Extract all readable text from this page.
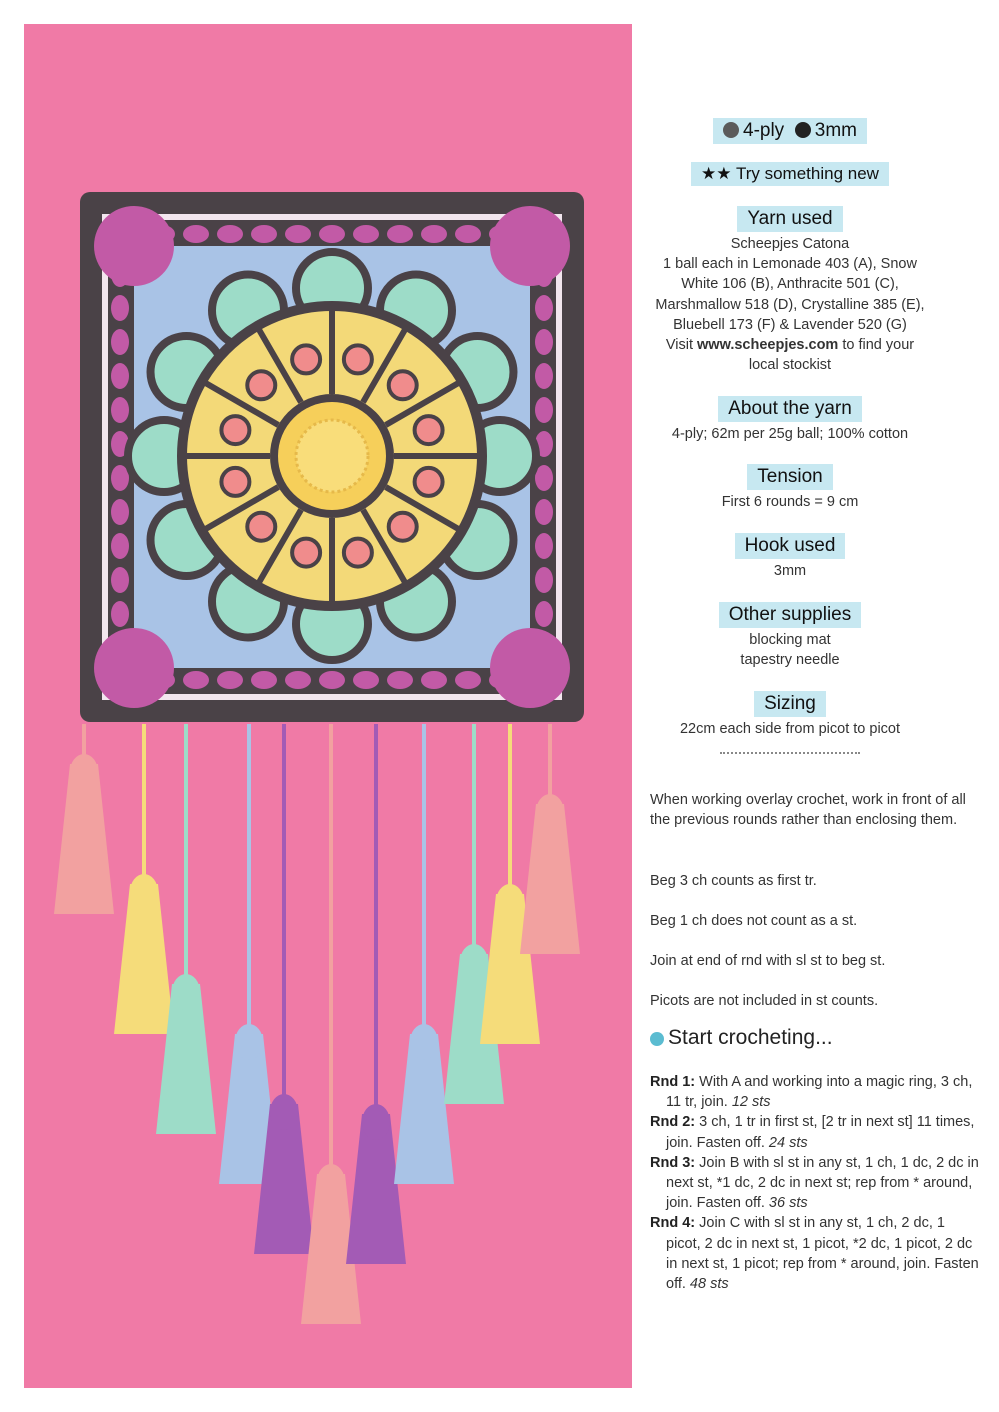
4-ply 3mm
★★ Try something new
Yarn used
Scheepjes Catona
1 ball each in Lemonade 403 (A), Snow
White 106 (B), Anthracite 501 (C),
Marshmallow 518 (D), Crystalline 385 (E),
Bluebell 173 (F) & Lavender 520 (G)
Visit www.scheepjes.com to find your
local stockist
About the yarn
4-ply; 62m per 25g ball; 100% cotton
Tension
First 6 rounds = 9 cm
Hook used
3mm
Other supplies
blocking mat
tapestry needle
Sizing
22cm each side from picot to picot
When working overlay crochet, work in front of all the previous rounds rather than enclosing them.
Beg 3 ch counts as first tr.
Beg 1 ch does not count as a st.
Join at end of rnd with sl st to beg st.
Picots are not included in st counts.
Start crocheting...

Rnd 1: With A and working into a magic ring, 3 ch, 11 tr, join. 12 sts

Rnd 2: 3 ch, 1 tr in first st, [2 tr in next st] 11 times, join. Fasten off. 24 sts

Rnd 3: Join B with sl st in any st, 1 ch, 1 dc, 2 dc in next st, *1 dc, 2 dc in next st; rep from * around, join. Fasten off. 36 sts

Rnd 4: Join C with sl st in any st, 1 ch, 2 dc, 1 picot, 2 dc in next st, 1 picot, *2 dc, 1 picot, 2 dc in next st, 1 picot; rep from * around, join. Fasten off. 48 sts
